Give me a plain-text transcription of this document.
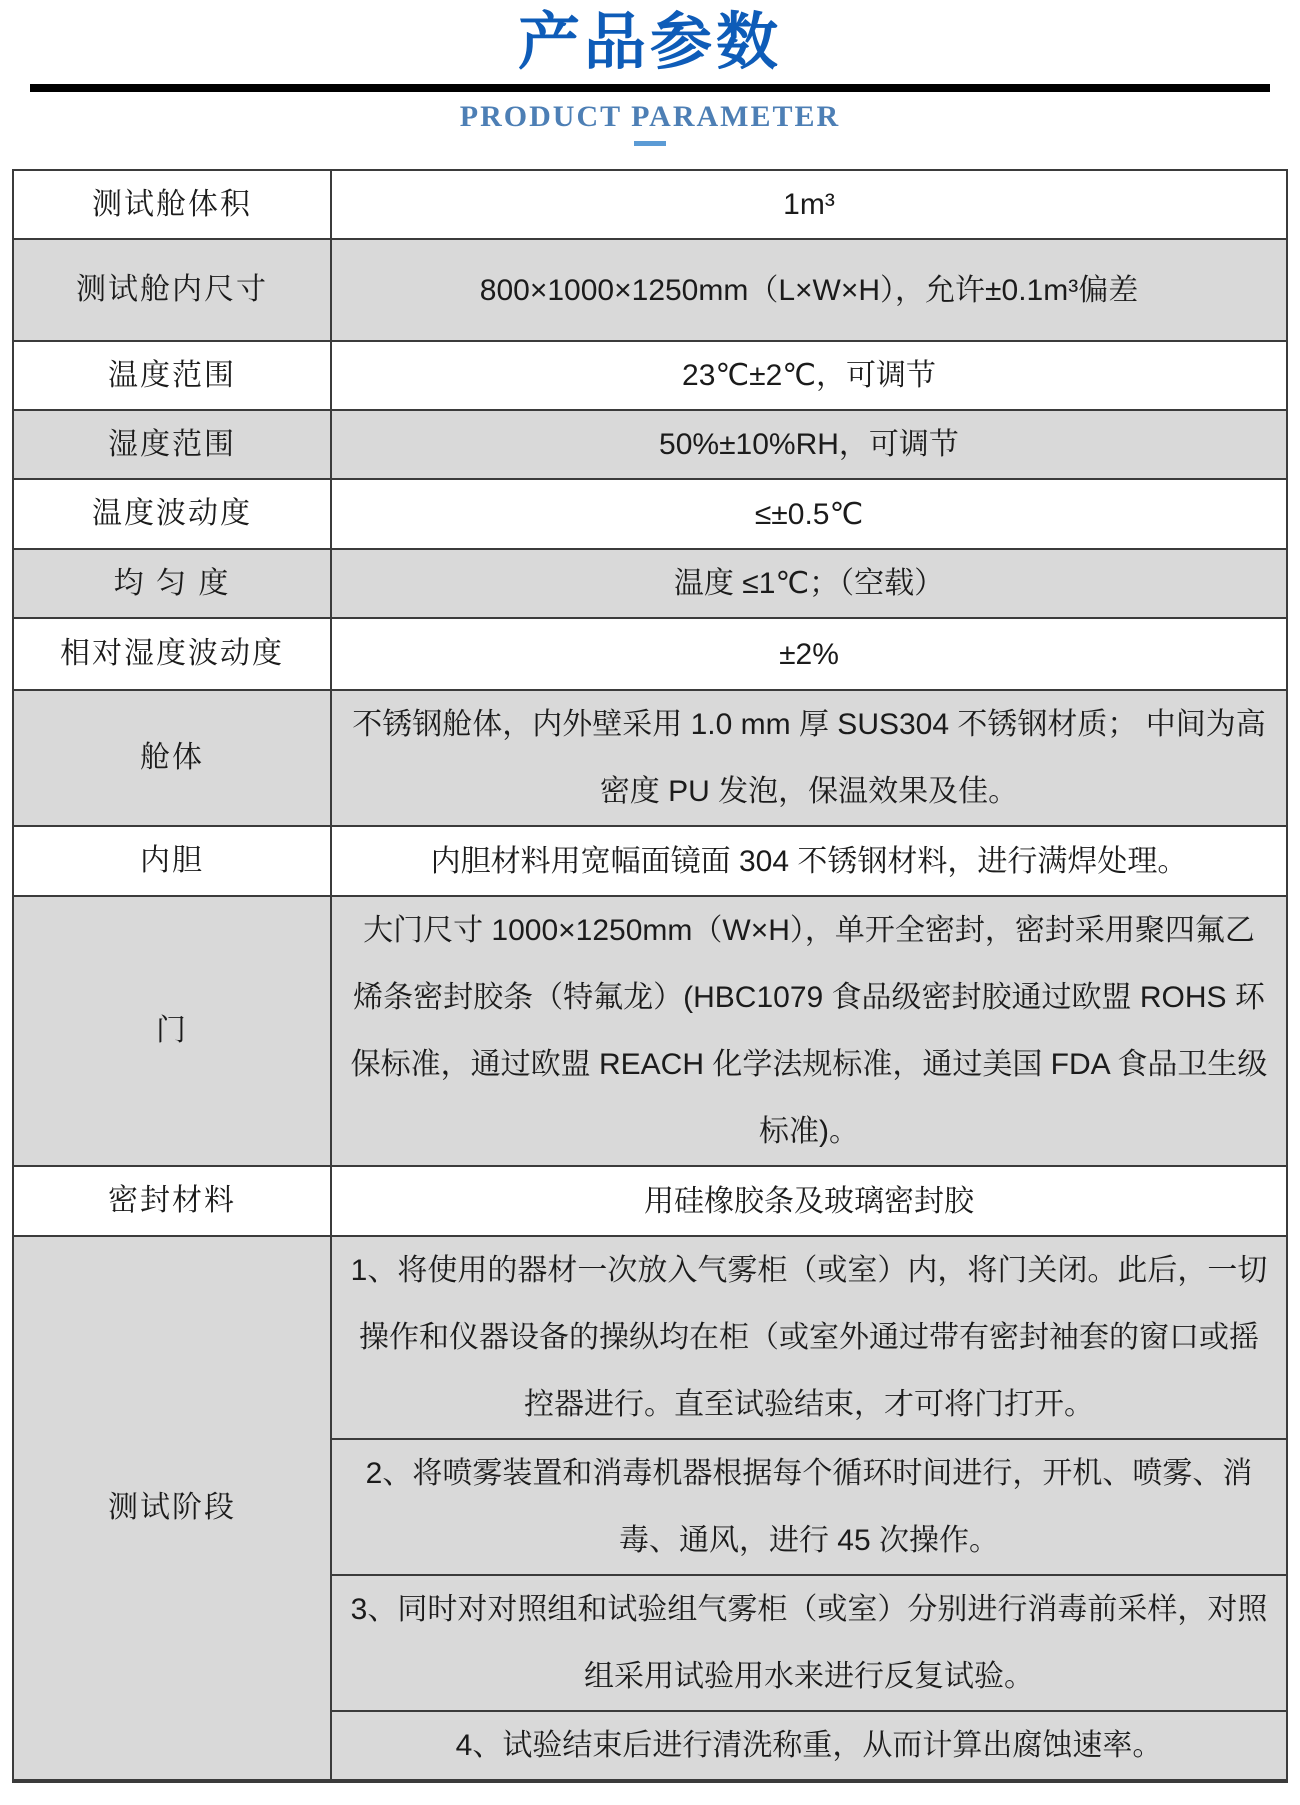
产品参数
PRODUCT PARAMETER
测试舱体积	1m³
测试舱内尺寸	800×1000×1250mm（L×W×H），允许±0.1m³偏差
温度范围	23℃±2℃，可调节
湿度范围	50%±10%RH，可调节
温度波动度	≤±0.5℃
均 匀 度	温度 ≤1℃；（空载）
相对湿度波动度	±2%
舱体	不锈钢舱体，内外壁采用 1.0 mm 厚 SUS304 不锈钢材质； 中间为高密度 PU 发泡，保温效果及佳。
内胆	内胆材料用宽幅面镜面 304 不锈钢材料，进行满焊处理。
门	大门尺寸 1000×1250mm（W×H），单开全密封，密封采用聚四氟乙烯条密封胶条（特氟龙）(HBC1079 食品级密封胶通过欧盟 ROHS 环保标准，通过欧盟 REACH 化学法规标准，通过美国 FDA 食品卫生级标准)。
密封材料	用硅橡胶条及玻璃密封胶
测试阶段	1、将使用的器材一次放入气雾柜（或室）内，将门关闭。此后，一切操作和仪器设备的操纵均在柜（或室外通过带有密封袖套的窗口或摇控器进行。直至试验结束，才可将门打开。
	2、将喷雾装置和消毒机器根据每个循环时间进行，开机、喷雾、消毒、通风，进行 45 次操作。
	3、同时对对照组和试验组气雾柜（或室）分别进行消毒前采样，对照组采用试验用水来进行反复试验。
	4、试验结束后进行清洗称重，从而计算出腐蚀速率。
